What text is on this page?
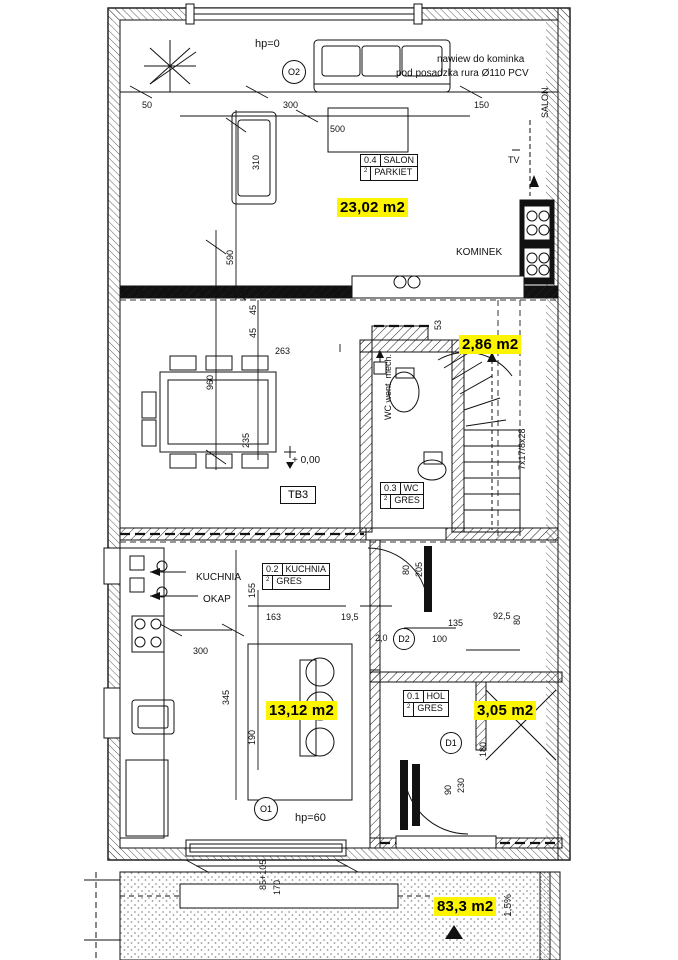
23,02 m2
2,86 m2
13,12 m2	3,05 m2
83,3 m2
0.4 SALON
$^2$ PARKIET
0.3 WC
$^2$ GRES
0.2 KUCHNIA
$^2$ GRES
0.1 HOL
$^2$ GRES
TB3
hp=0
nawiew do kominka
pod posadzka rura Ø110 PCV
KOMINEK
TV
KUCHNIA
OKAP
hp=60
+ 0,00
1,5%
O2
O1
D2
D1
50	300	150
500
263
163	19,5
100
92,5
300
135
2,0
310
590
45
45
960
235
53
155
345
190
80 205
80
90 230
180
7x17/8x28
SALON
WC went. mech.
85+105 170
